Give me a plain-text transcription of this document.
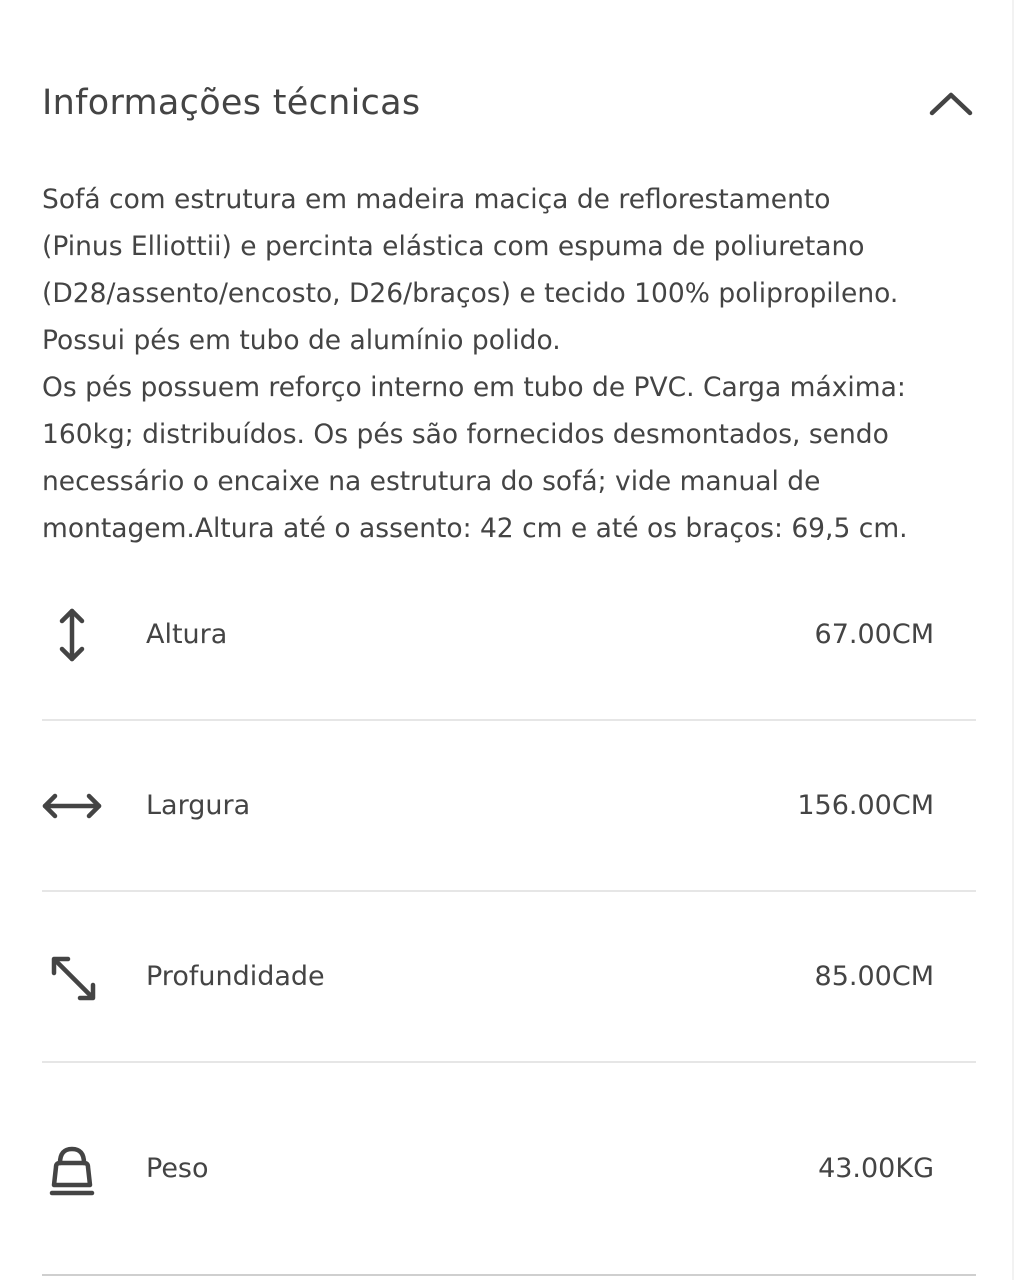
Informações técnicas
Sofá com estrutura em madeira maciça de reflorestamento
(Pinus Elliottii) e percinta elástica com espuma de poliuretano
(D28/assento/encosto, D26/braços) e tecido 100% polipropileno.
Possui pés em tubo de alumínio polido.
Os pés possuem reforço interno em tubo de PVC. Carga máxima:
160kg; distribuídos. Os pés são fornecidos desmontados, sendo
necessário o encaixe na estrutura do sofá; vide manual de
montagem.Altura até o assento: 42 cm e até os braços: 69,5 cm.
Altura	67.00CM
Largura	156.00CM
Profundidade	85.00CM
Peso	43.00KG
